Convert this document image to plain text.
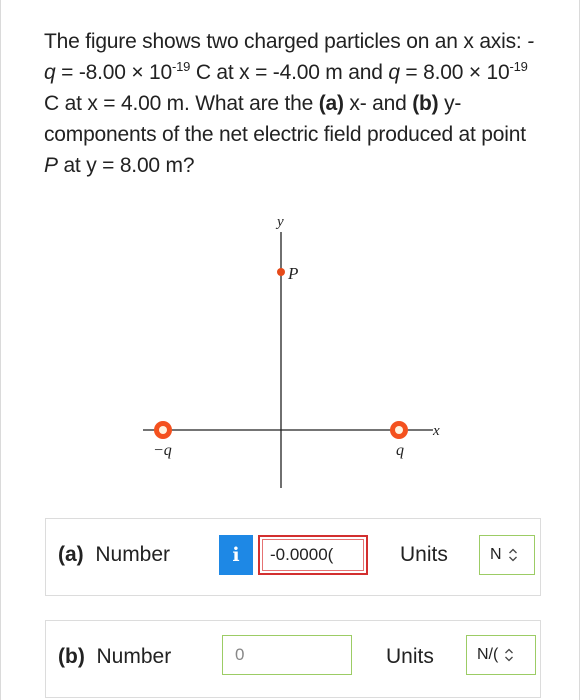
The figure shows two charged particles on an x axis: $-q = -8.00 \times 10^{-19}$ C at x = -4.00 m and $q = 8.00 \times 10^{-19}$ C at x = 4.00 m. What are the (a) x- and (b) y- components of the net electric field produced at point P at y = 8.00 m?
y
x
P
−q	q
(a) Number	i	-0.0000(	Units	N
(b) Number	0	Units	N/(
